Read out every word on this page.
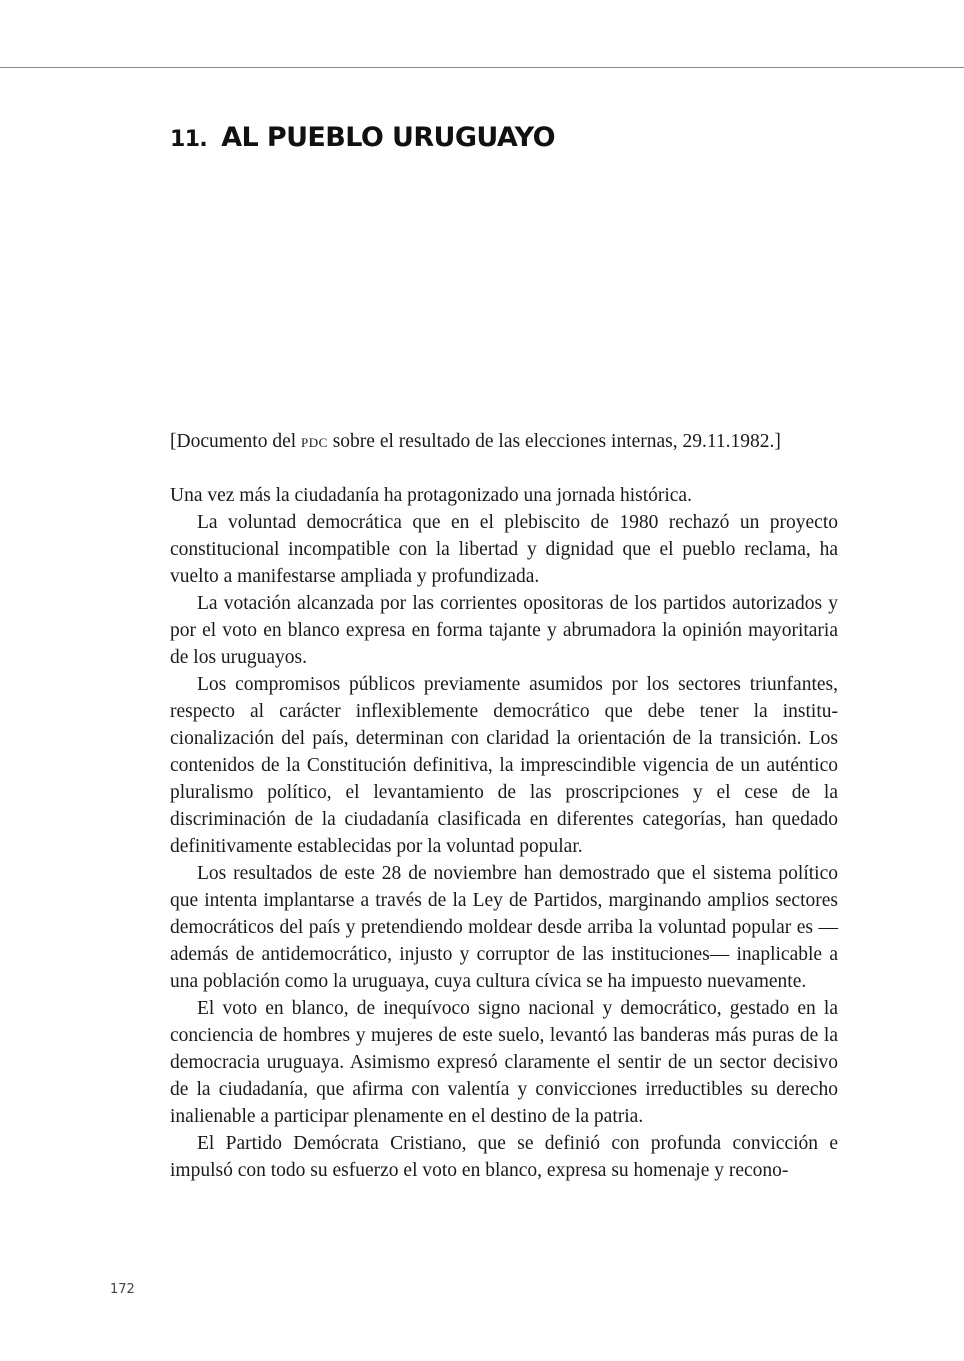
11. AL PUEBLO URUGUAYO

[Documento del PDC sobre el resultado de las elecciones internas, 29.11.1982.]

Una vez más la ciudadanía ha protagonizado una jornada histórica.

La voluntad democrática que en el plebiscito de 1980 rechazó un proyecto constitucional incompatible con la libertad y dignidad que el pueblo reclama, ha vuelto a manifestarse ampliada y profundizada.

La votación alcanzada por las corrientes opositoras de los partidos autorizados y por el voto en blanco expresa en forma tajante y abrumadora la opinión mayoritaria de los uruguayos.

Los compromisos públicos previamente asumidos por los sectores triunfantes, respecto al carácter inflexiblemente democrático que debe tener la institucionalización del país, determinan con claridad la orientación de la transición. Los contenidos de la Constitución definitiva, la imprescindible vigencia de un auténtico pluralismo político, el levantamiento de las proscripciones y el cese de la discriminación de la ciudadanía clasificada en diferentes categorías, han quedado definitivamente establecidas por la voluntad popular.

Los resultados de este 28 de noviembre han demostrado que el sistema político que intenta implantarse a través de la Ley de Partidos, marginando amplios sectores democráticos del país y pretendiendo moldear desde arriba la voluntad popular es —además de antidemocrático, injusto y corruptor de las instituciones— inaplicable a una población como la uruguaya, cuya cultura cívica se ha impuesto nuevamente.

El voto en blanco, de inequívoco signo nacional y democrático, gestado en la conciencia de hombres y mujeres de este suelo, levantó las banderas más puras de la democracia uruguaya. Asimismo expresó claramente el sentir de un sector decisivo de la ciudadanía, que afirma con valentía y convicciones irreductibles su derecho inalienable a participar plenamente en el destino de la patria.

El Partido Demócrata Cristiano, que se definió con profunda convicción e impulsó con todo su esfuerzo el voto en blanco, expresa su homenaje y recono-

172
